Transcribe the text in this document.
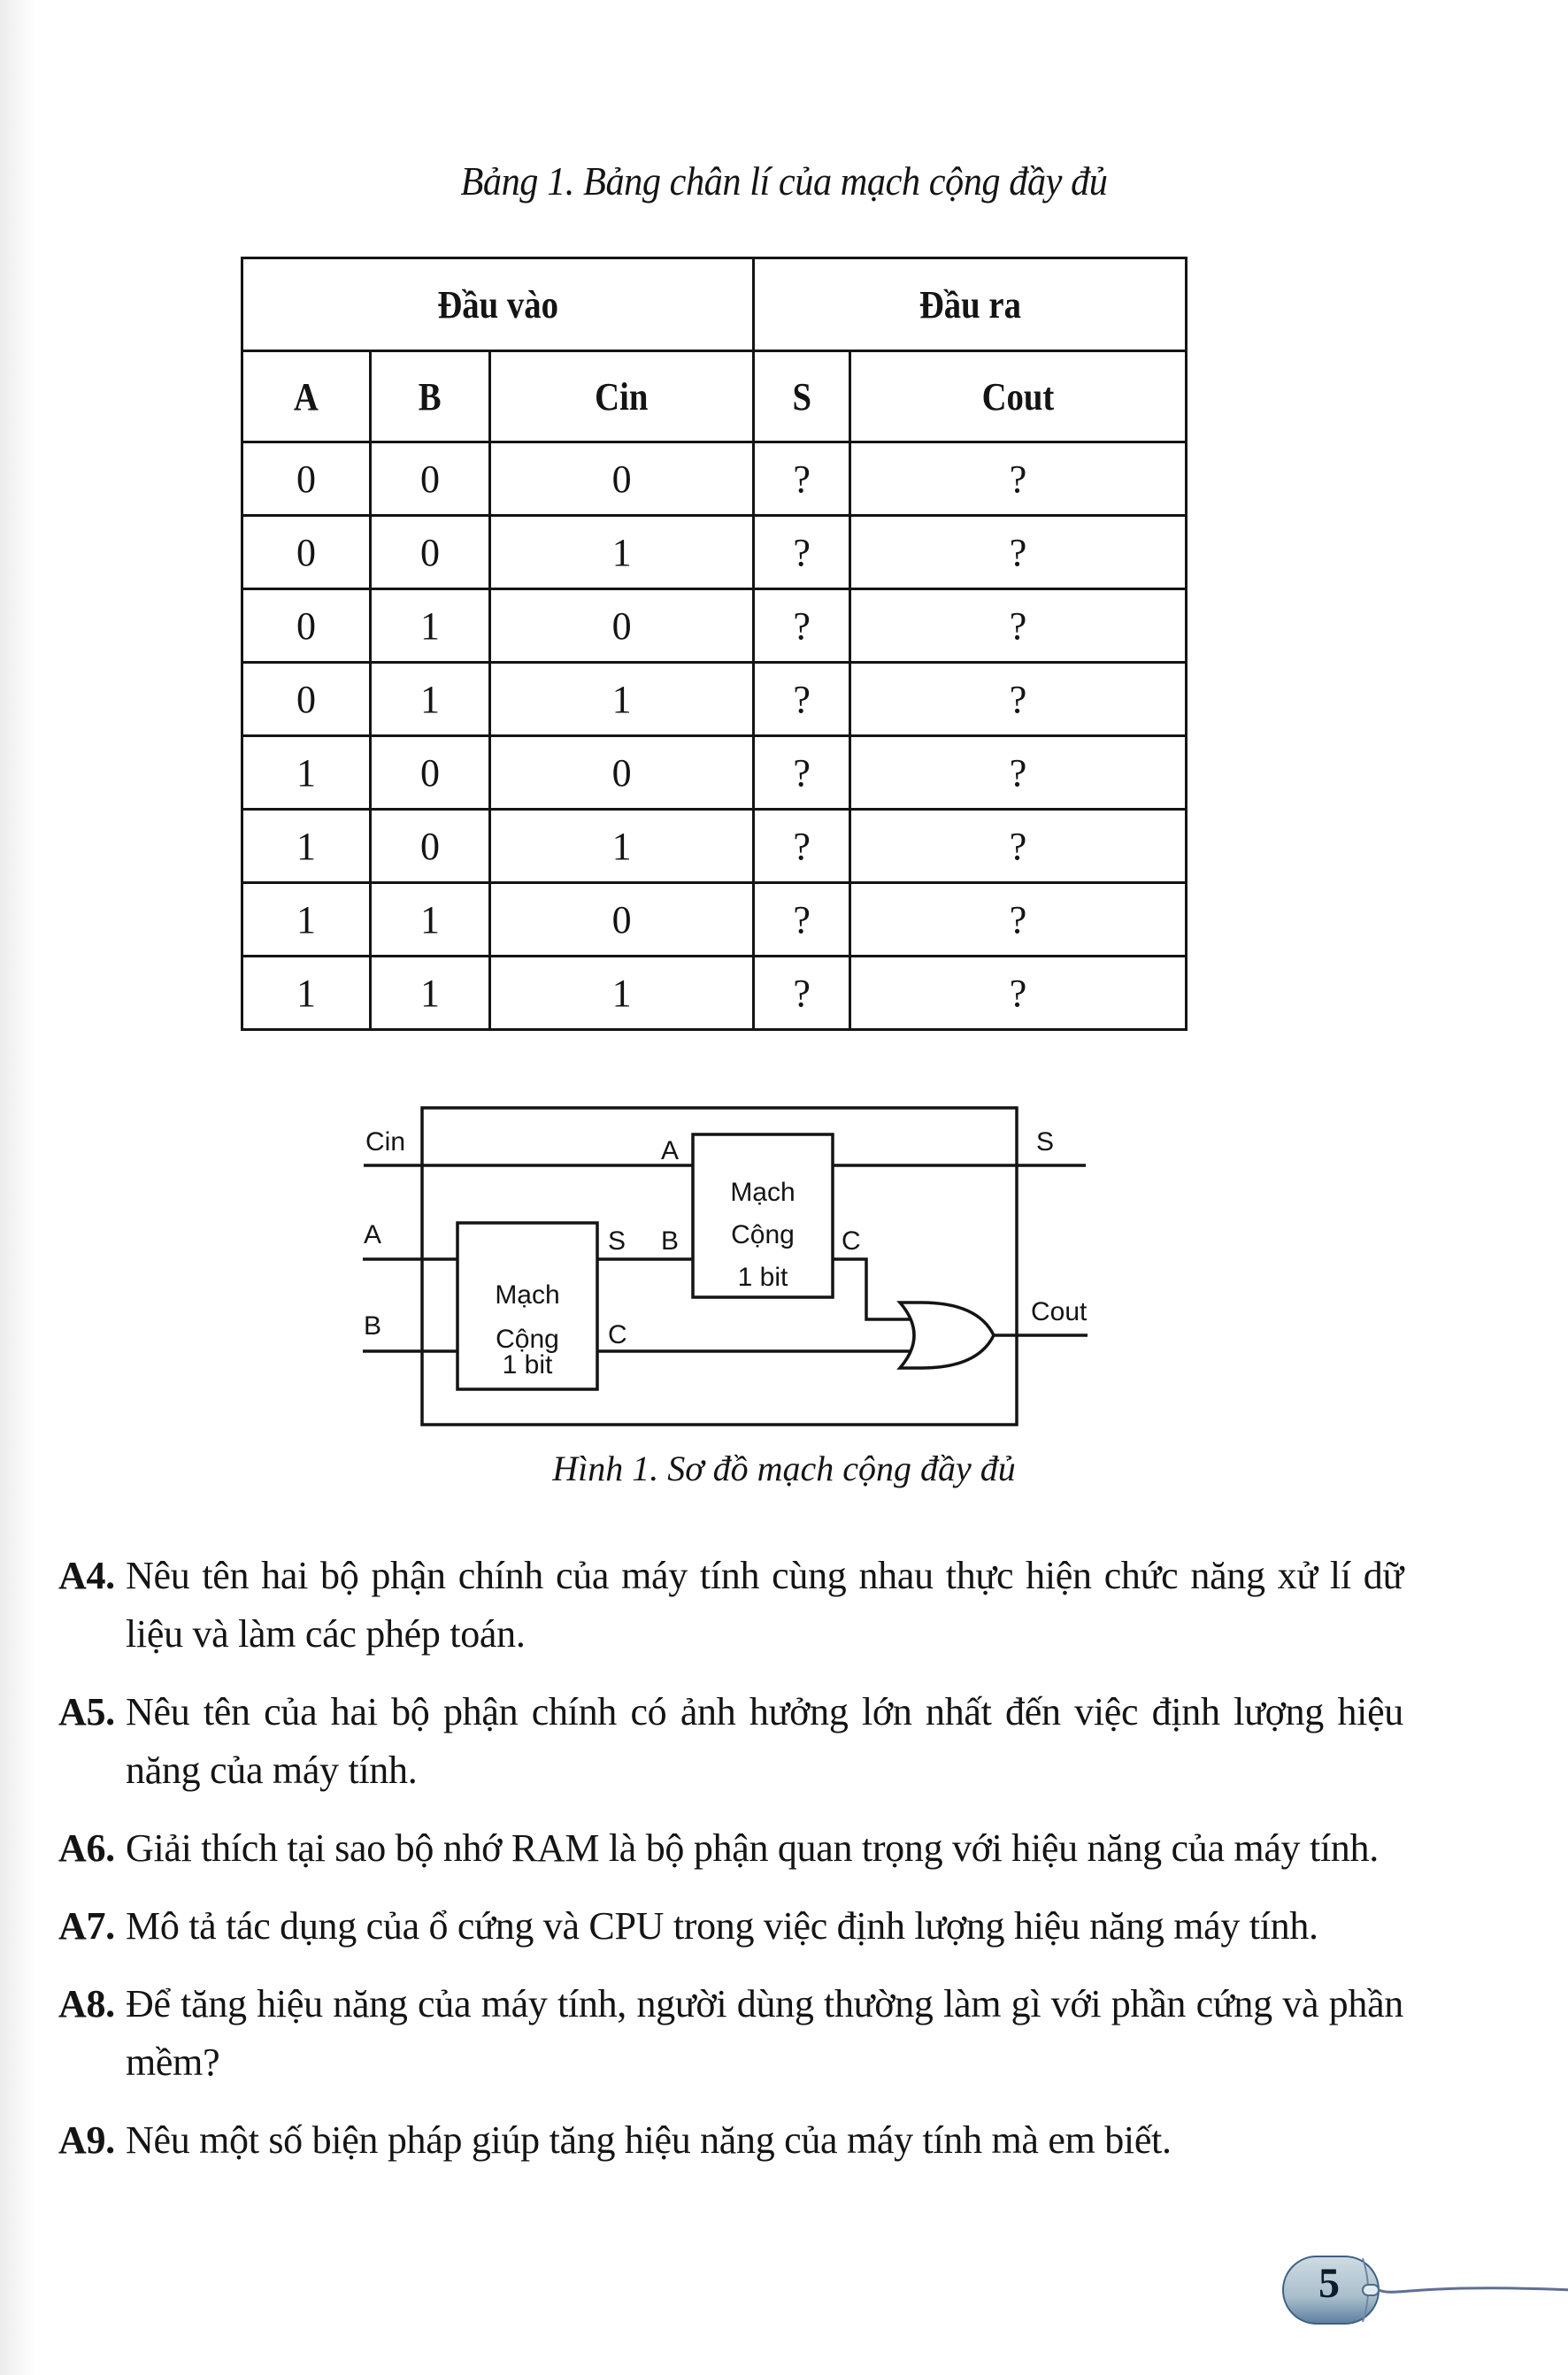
Bảng 1. Bảng chân lí của mạch cộng đầy đủ
Đầu vào			Đầu ra	
A	B	Cin	S	Cout
0	0	0	?	?
0	0	1	?	?
0	1	0	?	?
0	1	1	?	?
1	0	0	?	?
1	0	1	?	?
1	1	0	?	?
1	1	1	?	?
Cin
A
B
Mạch
Cộng
1 bit
S
C
Mạch
Cộng
1 bit
A
B	C
S
Cout
Hình 1. Sơ đồ mạch cộng đầy đủ
A4. Nêu tên hai bộ phận chính của máy tính cùng nhau thực hiện chức năng xử lí dữ liệu và làm các phép toán.
A5. Nêu tên của hai bộ phận chính có ảnh hưởng lớn nhất đến việc định lượng hiệu năng của máy tính.
A6. Giải thích tại sao bộ nhớ RAM là bộ phận quan trọng với hiệu năng của máy tính.
A7. Mô tả tác dụng của ổ cứng và CPU trong việc định lượng hiệu năng máy tính.
A8. Để tăng hiệu năng của máy tính, người dùng thường làm gì với phần cứng và phần mềm?
A9. Nêu một số biện pháp giúp tăng hiệu năng của máy tính mà em biết.
5
